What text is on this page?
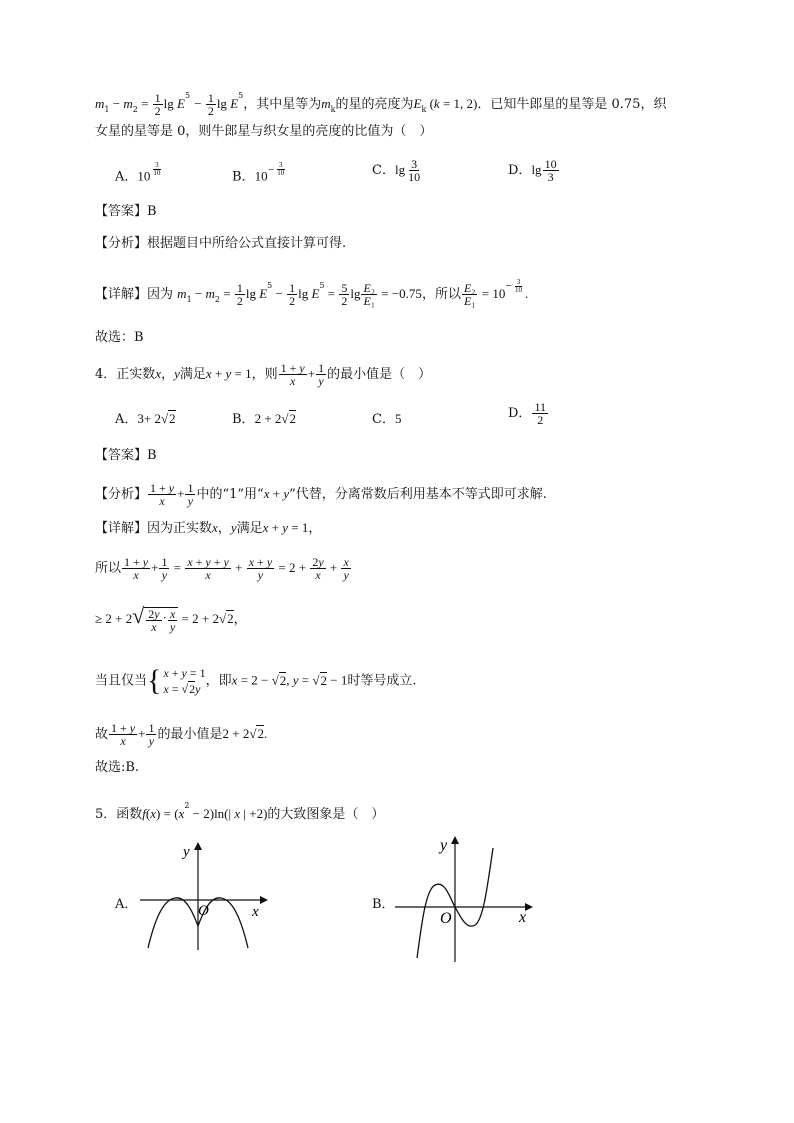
$m_1 - m_2 = \frac{1}{2}$ $\lg E^5 - \frac{1}{2}$ $\lg E^5$，其中星等为$m_k$的星的亮度为$E_k$ (k = 1, 2)．已知牛郎星的星等是 0.75，织
女星的星等是 0，则牛郎星与织女星的亮度的比值为（　）
A．10 $^{\frac{3}{10}}$	B．$10^{- \frac{3}{10}}$	C．$\lg \frac{3}{10}$	D．$\lg \frac{10}{3}$
【答案】B
【分析】根据题目中所给公式直接计算可得.
【详解】因为 $m_1 - m_2 = \frac{1}{2}$ $\lg E^5 - \frac{1}{2}$ $\lg E^5 = \frac{5}{2}$ $\lg \frac{\text{E₂}}{\text{E₁}} = -0.75$，所以 $\frac{\text{E₂}}{\text{E₁}} = 10^{- \frac{3}{10}}$ .
故选：B
4．正实数x，y满足x + y = 1，则 $\frac{1 + y}{x} + \frac{1}{y}$ 的最小值是（　）
A．3+ 2√2	B．2 + 2√2	C．5	D． $\frac{11}{2}$
【答案】B
【分析】 $\frac{1 + y}{x} + \frac{1}{y}$ 中的“1”用“x + y”代替，分离常数后利用基本不等式即可求解.
【详解】因为正实数x，y满足x + y = 1，
所以 $\frac{1 + y}{x} + \frac{1}{y} = \frac{x + y + y}{x} + \frac{x + y}{y} = 2 + \frac{2y}{x} + \frac{x}{y}$
≥ $2 + 2√ \frac{2y}{x} \cdot \frac{x}{y} = 2 + 2√2$，
当且仅当{ x + y = 1
x = √2y
，即x = 2 − √2, y = √2 − 1时等号成立.
故 $\frac{1 + y}{x} + \frac{1}{y}$ 的最小值是2 + 2√2.
故选:B.
5．函数$f(x) = (x^2 - 2)\ln(|$ x | +2)的大致图象是（　）
A．
y
x
O	B．
y
x
O
